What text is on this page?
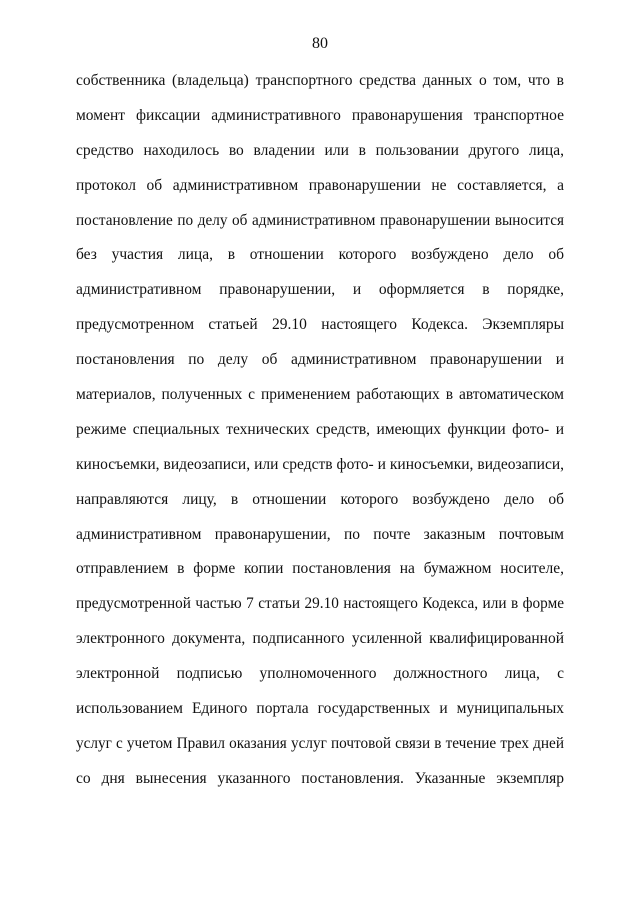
80
собственника (владельца) транспортного средства данных о том, что в
момент фиксации административного правонарушения транспортное
средство находилось во владении или в пользовании другого лица,
протокол об административном правонарушении не составляется, а
постановление по делу об административном правонарушении выносится
без участия лица, в отношении которого возбуждено дело об
административном правонарушении, и оформляется в порядке,
предусмотренном статьей 29.10 настоящего Кодекса. Экземпляры
постановления по делу об административном правонарушении и
материалов, полученных с применением работающих в автоматическом
режиме специальных технических средств, имеющих функции фото- и
киносъемки, видеозаписи, или средств фото- и киносъемки, видеозаписи,
направляются лицу, в отношении которого возбуждено дело об
административном правонарушении, по почте заказным почтовым
отправлением в форме копии постановления на бумажном носителе,
предусмотренной частью 7 статьи 29.10 настоящего Кодекса, или в форме
электронного документа, подписанного усиленной квалифицированной
электронной подписью уполномоченного должностного лица, с
использованием Единого портала государственных и муниципальных
услуг с учетом Правил оказания услуг почтовой связи в течение трех дней
со дня вынесения указанного постановления. Указанные экземпляр
